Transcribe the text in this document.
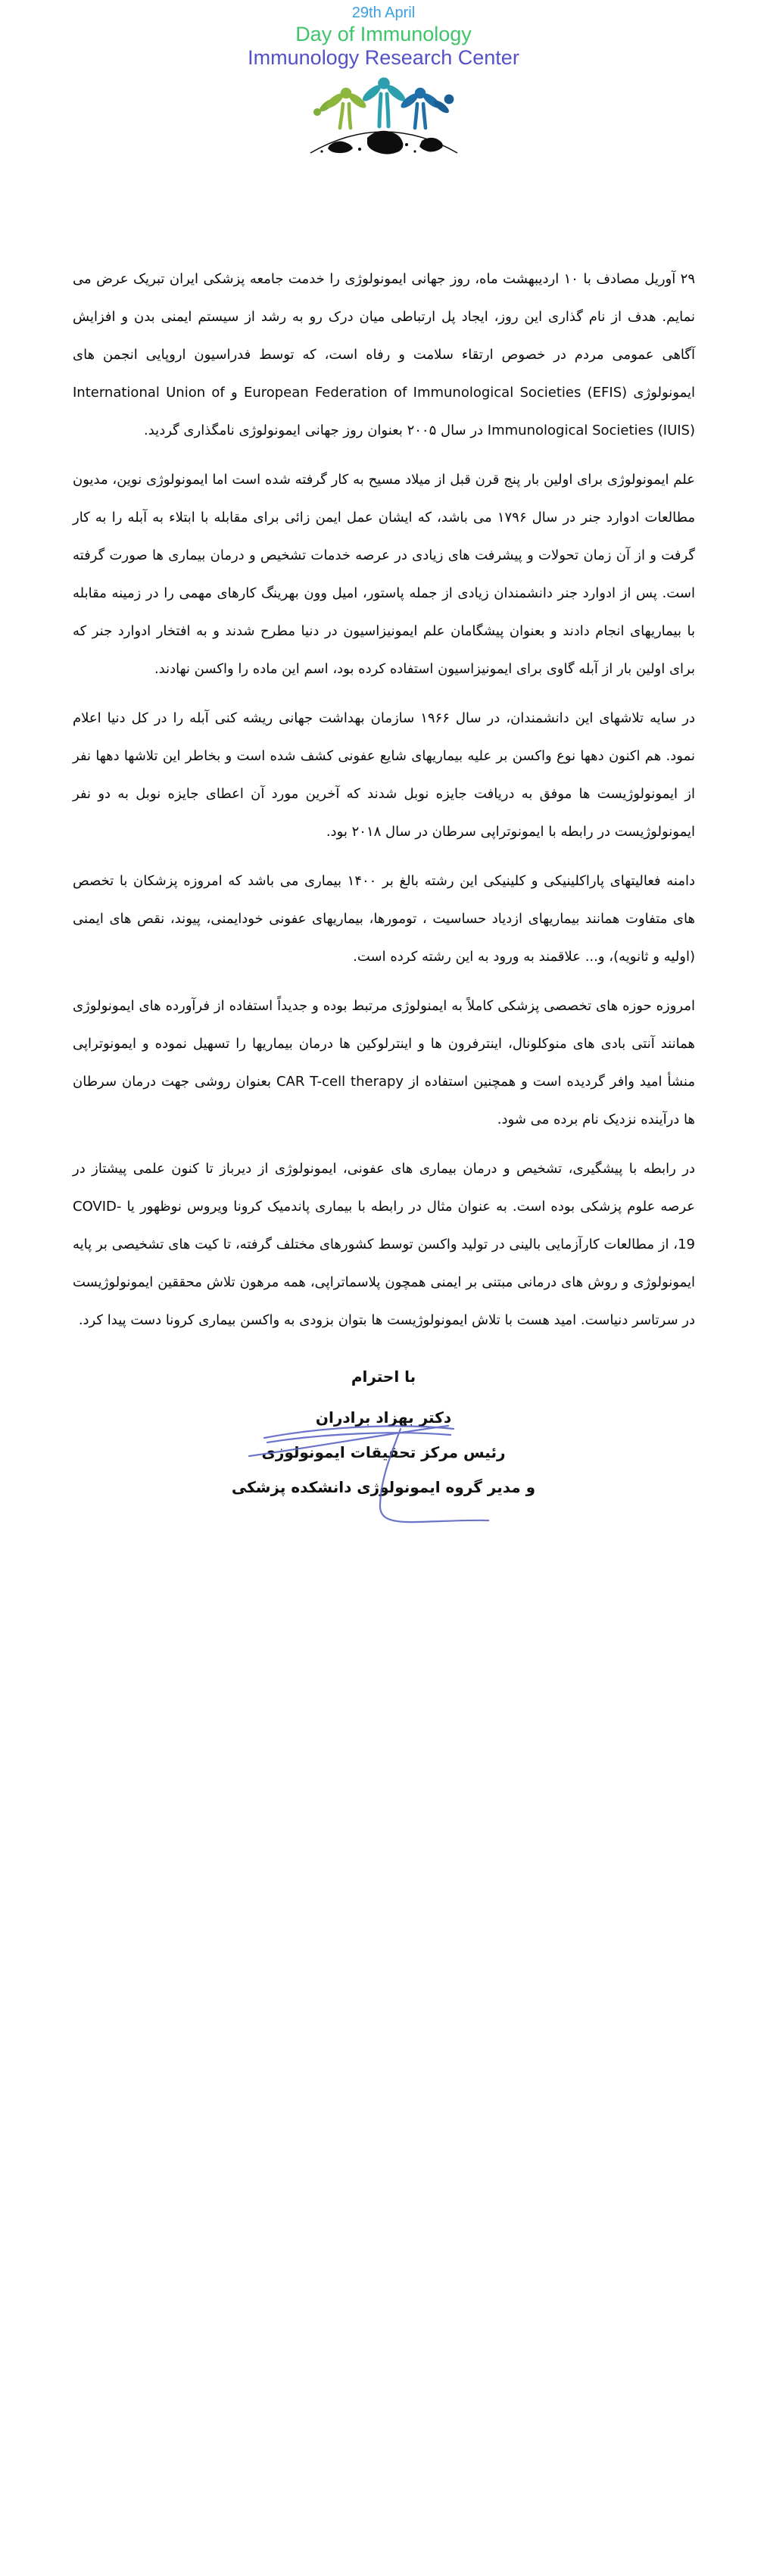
29th April
Day of Immunology
Immunology Research Center

۲۹ آوریل مصادف با ۱۰ اردیبهشت ماه، روز جهانی ایمونولوژی را خدمت جامعه پزشکی ایران تبریک عرض می نمایم. هدف از نام گذاری این روز، ایجاد پل ارتباطی میان درک رو به رشد از سیستم ایمنی بدن و افزایش آگاهی عمومی مردم در خصوص ارتقاء سلامت و رفاه است، که توسط فدراسیون اروپایی انجمن های ایمونولوژی (EFIS) European Federation of Immunological Societies و International Union of Immunological Societies (IUIS) در سال ۲۰۰۵ بعنوان روز جهانی ایمونولوژی نامگذاری گردید.

علم ایمونولوژی برای اولین بار پنج قرن قبل از میلاد مسیح به کار گرفته شده است اما ایمونولوژی نوین، مدیون مطالعات ادوارد جنر در سال ۱۷۹۶ می باشد، که ایشان عمل ایمن زائی برای مقابله با ابتلاء به آبله را به کار گرفت و از آن زمان تحولات و پیشرفت های زیادی در عرصه خدمات تشخیص و درمان بیماری ها صورت گرفته است. پس از ادوارد جنر دانشمندان زیادی از جمله پاستور، امیل وون بهرینگ کارهای مهمی را در زمینه مقابله با بیماریهای انجام دادند و بعنوان پیشگامان علم ایمونیزاسیون در دنیا مطرح شدند و به افتخار ادوارد جنر که برای اولین بار از آبله گاوی برای ایمونیزاسیون استفاده کرده بود، اسم این ماده را واکسن نهادند.

در سایه تلاشهای این دانشمندان، در سال ۱۹۶۶ سازمان بهداشت جهانی ریشه کنی آبله را در کل دنیا اعلام نمود. هم اکنون دهها نوع واکسن بر علیه بیماریهای شایع عفونی کشف شده است و بخاطر این تلاشها دهها نفر از ایمونولوژیست ها موفق به دریافت جایزه نوبل شدند که آخرین مورد آن اعطای جایزه نوبل به دو نفر ایمونولوژیست در رابطه با ایمونوتراپی سرطان در سال ۲۰۱۸ بود.

دامنه فعالیتهای پاراکلینیکی و کلینیکی این رشته بالغ بر ۱۴۰۰ بیماری می باشد که امروزه پزشکان با تخصص های متفاوت همانند بیماریهای ازدیاد حساسیت ، تومورها، بیماریهای عفونی خودایمنی، پیوند، نقص های ایمنی (اولیه و ثانویه)، و... علاقمند به ورود به این رشته کرده است.

امروزه حوزه های تخصصی پزشکی کاملاً به ایمنولوژی مرتبط بوده و جدیداً استفاده از فرآورده های ایمونولوژی همانند آنتی بادی های منوکلونال، اینترفرون ها و اینترلوکین ها درمان بیماریها را تسهیل نموده و ایمونوتراپی منشأ امید وافر گردیده است و همچنین استفاده از CAR T-cell therapy بعنوان روشی جهت درمان سرطان ها درآینده نزدیک نام برده می شود.

در رابطه با پیشگیری، تشخیص و درمان بیماری های عفونی، ایمونولوژی از دیرباز تا کنون علمی پیشتاز در عرصه علوم پزشکی بوده است. به عنوان مثال در رابطه با بیماری پاندمیک کرونا ویروس نوظهور یا COVID-19، از مطالعات کارآزمایی بالینی در تولید واکسن توسط کشورهای مختلف گرفته، تا کیت های تشخیصی بر پایه ایمونولوژی و روش های درمانی مبتنی بر ایمنی همچون پلاسماتراپی، همه مرهون تلاش محققین ایمونولوژیست در سرتاسر دنیاست. امید هست با تلاش ایمونولوژیست ها بتوان بزودی به واکسن بیماری کرونا دست پیدا کرد.

با احترام
دکتر بهزاد برادران
رئیس مرکز تحقیقات ایمونولوژی
و مدیر گروه ایمونولوژی دانشکده پزشکی
